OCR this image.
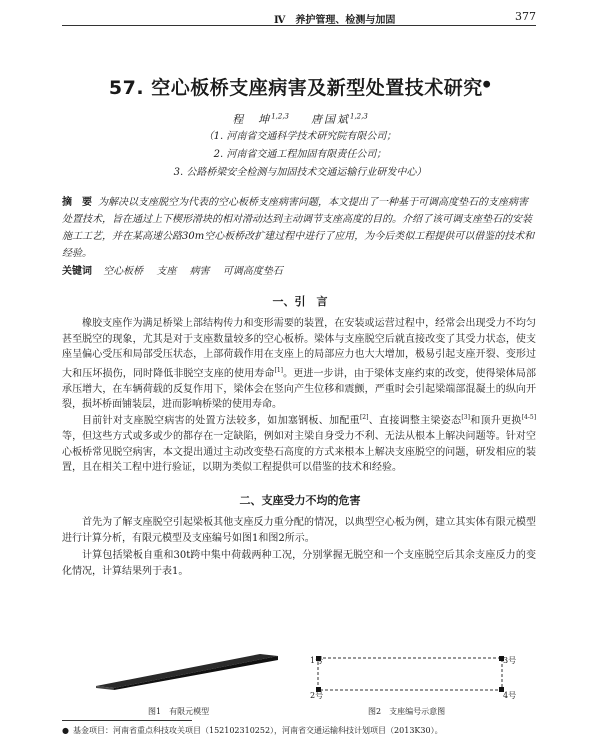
Ⅳ　养护管理、检测与加固	377
57. 空心板桥支座病害及新型处置技术研究●
程　坤$^{1,2,3}$ 唐国斌$^{1,2,3}$
（1. 河南省交通科学技术研究院有限公司；
2. 河南省交通工程加固有限责任公司；
3. 公路桥梁安全检测与加固技术交通运输行业研发中心）
摘　要 为解决以支座脱空为代表的空心板桥支座病害问题，本文提出了一种基于可调高度垫石的支座病害处置技术，旨在通过上下楔形滑块的相对滑动达到主动调节支座高度的目的。介绍了该可调支座垫石的安装施工工艺，并在某高速公路30m空心板桥改扩建过程中进行了应用，为今后类似工程提供可以借鉴的技术和经验。
关键词 空心板桥 支座 病害 可调高度垫石
一、引　言
橡胶支座作为满足桥梁上部结构传力和变形需要的装置，在安装或运营过程中，经常会出现受力不均匀甚至脱空的现象，尤其是对于支座数量较多的空心板桥。梁体与支座脱空后就直接改变了其受力状态，使支座呈偏心受压和局部受压状态，上部荷载作用在支座上的局部应力也大大增加，极易引起支座开裂、变形过大和压坏损伤，同时降低非脱空支座的使用寿命[1]。更进一步讲，由于梁体支座约束的改变，使得梁体局部承压增大，在车辆荷载的反复作用下，梁体会在竖向产生位移和震颤，严重时会引起梁端部混凝土的纵向开裂，损坏桥面铺装层，进而影响桥梁的使用寿命。
目前针对支座脱空病害的处置方法较多，如加塞钢板、加配重[2]、直接调整主梁姿态[3]和顶升更换[4-5]等，但这些方式或多或少的都存在一定缺陷，例如对主梁自身受力不利、无法从根本上解决问题等。针对空心板桥常见脱空病害，本文提出通过主动改变垫石高度的方式来根本上解决支座脱空的问题，研发相应的装置，且在相关工程中进行验证，以期为类似工程提供可以借鉴的技术和经验。
二、支座受力不均的危害
首先为了解支座脱空引起梁板其他支座反力重分配的情况，以典型空心板为例，建立其实体有限元模型进行计算分析，有限元模型及支座编号如图1和图2所示。
计算包括梁板自重和30t跨中集中荷载两种工况，分别掌握无脱空和一个支座脱空后其余支座反力的变化情况，计算结果列于表1。
1号
2号
3号
4号
图1　有限元模型	图2　支座编号示意图
● 基金项目：河南省重点科技攻关项目（152102310252），河南省交通运输科技计划项目（2013K30）。
